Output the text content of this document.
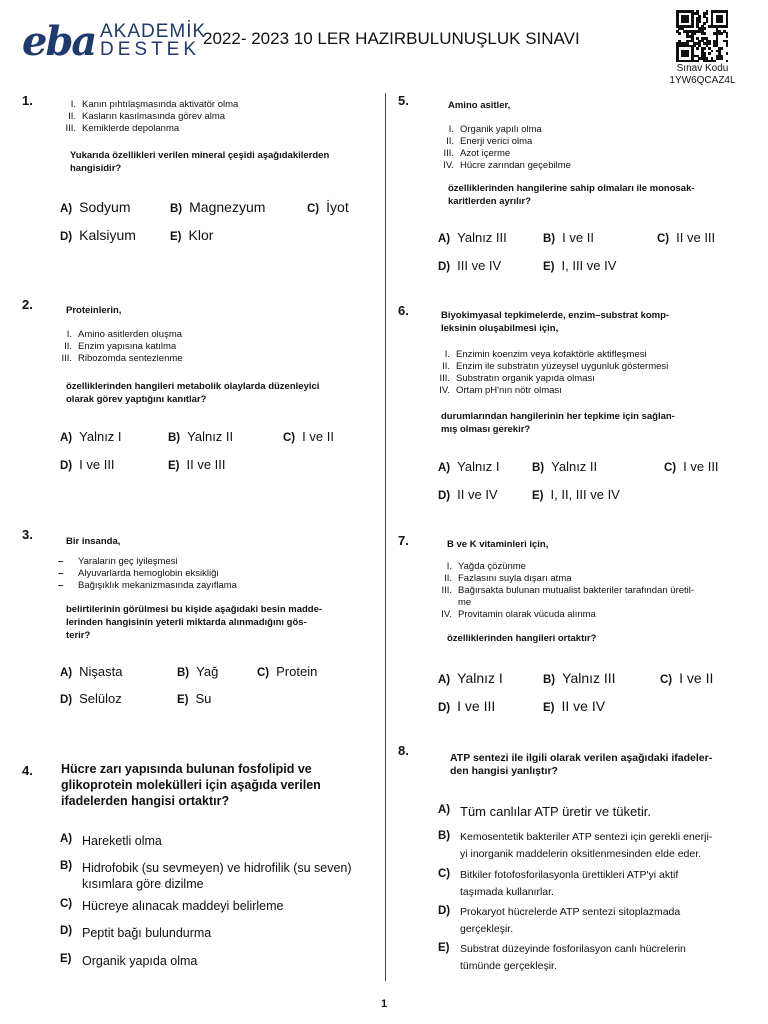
eba AKADEMİK
DESTEK
2022- 2023 10 LER HAZIRBULUNUŞLUK SINAVI
Sınav Kodu
1YW6QCAZ4L
1.	I. Kanın pıhtılaşmasında aktivatör olma
II. Kasların kasılmasında görev alma
III. Kemiklerde depolanma
Yukarıda özellikleri verilen mineral çeşidi aşağıdakilerden
hangisidir?
A) Sodyum	B) Magnezyum	C) İyot
D) Kalsiyum	E) Klor
2.	Proteinlerin,
I. Amino asitlerden oluşma
II. Enzim yapısına katılma
III. Ribozomda sentezlenme
özelliklerinden hangileri metabolik olaylarda düzenleyici
olarak görev yaptığını kanıtlar?
A) Yalnız I	B) Yalnız II	C) I ve II
D) I ve III	E) II ve III
3.	Bir insanda,
–	Yaraların geç iyileşmesi
–	Alyuvarlarda hemoglobin eksikliği
–	Bağışıklık mekanizmasında zayıflama
belirtilerinin görülmesi bu kişide aşağıdaki besin madde-
lerinden hangisinin yeterli miktarda alınmadığını gös-
terir?
A) Nişasta	B) Yağ	C) Protein
D) Selüloz	E) Su
4. Hücre zarı yapısında bulunan fosfolipid ve
glikoprotein molekülleri için aşağıda verilen
ifadelerden hangisi ortaktır?
A) Hareketli olma
B) Hidrofobik (su sevmeyen) ve hidrofilik (su seven)
kısımlara göre dizilme
C) Hücreye alınacak maddeyi belirleme
D) Peptit bağı bulundurma
E) Organik yapıda olma
5.	Amino asitler,
I. Organik yapılı olma
II. Enerji verici olma
III. Azot içerme
IV. Hücre zarından geçebilme
özelliklerinden hangilerine sahip olmaları ile monosak-
karitlerden ayrılır?
A) Yalnız III	B) I ve II	C) II ve III
D) III ve IV	E) I, III ve IV
6.	Biyokimyasal tepkimelerde, enzim–substrat komp-
leksinin oluşabilmesi için,
I. Enzimin koenzim veya kofaktörle aktifleşmesi
II. Enzim ile substratın yüzeysel uygunluk göstermesi
III. Substratın organik yapıda olması
IV. Ortam pH'nın nötr olması
durumlarından hangilerinin her tepkime için sağlan-
mış olması gerekir?
A) Yalnız I	B) Yalnız II	C) I ve III
D) II ve IV	E) I, II, III ve IV
7.	B ve K vitaminleri için,
I. Yağda çözünme
II. Fazlasını suyla dışarı atma
III. Bağırsakta bulunan mutualist bakteriler tarafından üretil-
me
IV. Provitamin olarak vücuda alınma
özelliklerinden hangileri ortaktır?
A) Yalnız I	B) Yalnız III	C) I ve II
D) I ve III	E) II ve IV
8.	ATP sentezi ile ilgili olarak verilen aşağıdaki ifadeler-
den hangisi yanlıştır?
A) Tüm canlılar ATP üretir ve tüketir.
B) Kemosentetik bakteriler ATP sentezi için gerekli enerji-
yi inorganik maddelerin oksitlenmesinden elde eder.
C) Bitkiler fotofosforilasyonla ürettikleri ATP'yi aktif
taşımada kullanırlar.
D) Prokaryot hücrelerde ATP sentezi sitoplazmada
gerçekleşir.
E)	Substrat düzeyinde fosforilasyon canlı hücrelerin
tümünde gerçekleşir.
1
